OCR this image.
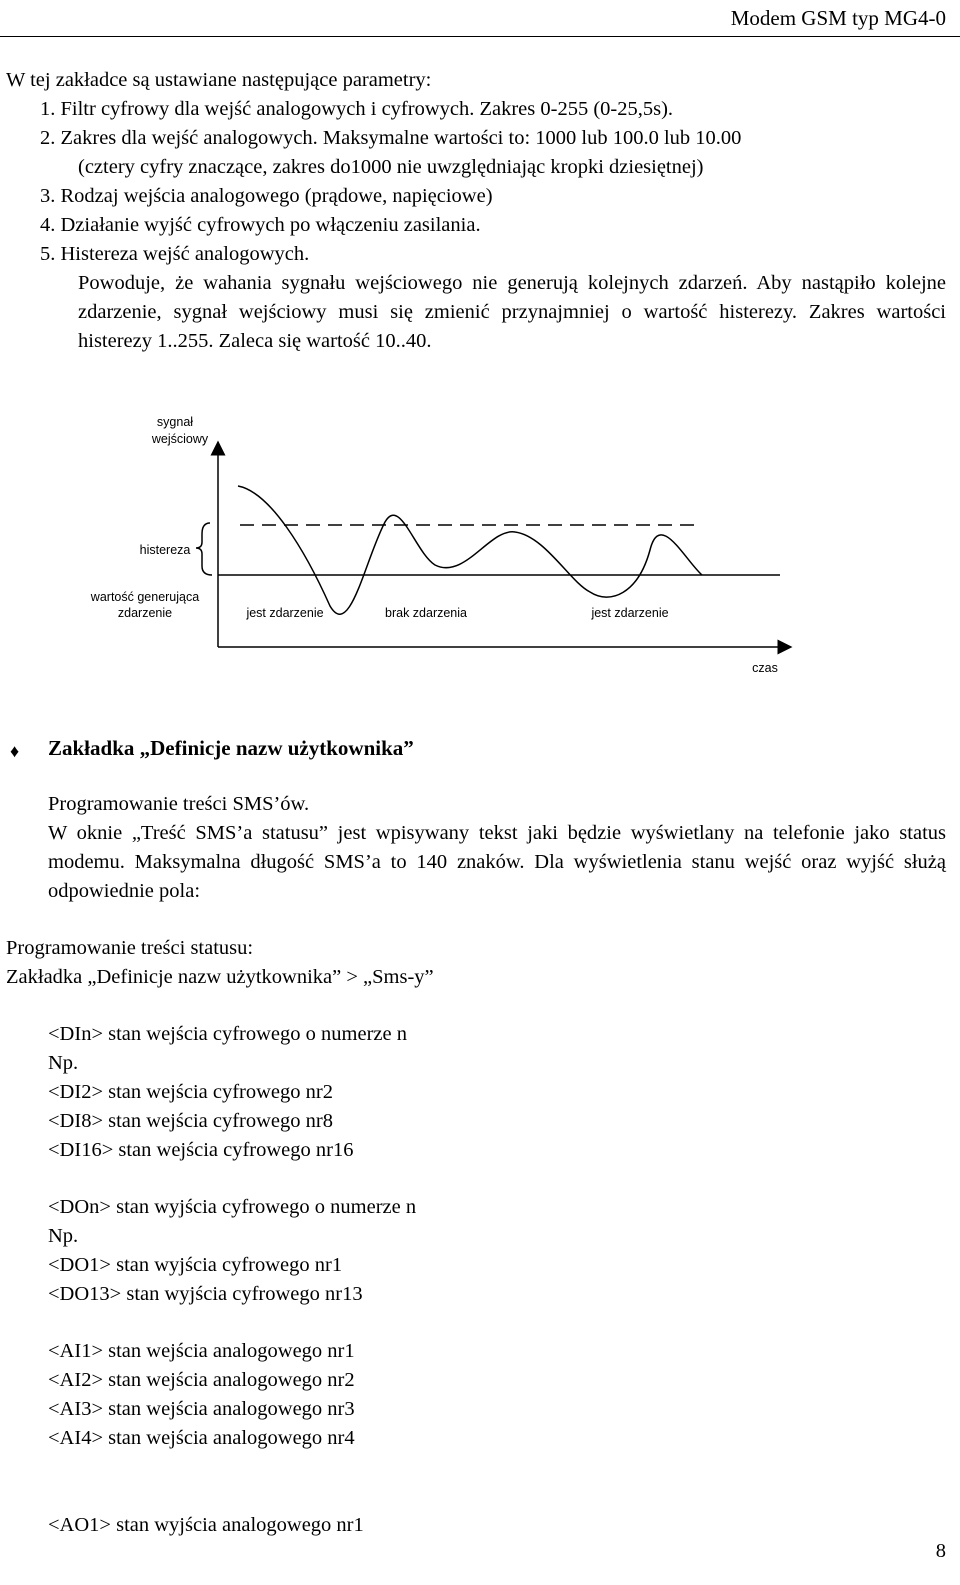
Modem GSM typ MG4-0
W tej zakładce są ustawiane następujące parametry:
1. Filtr cyfrowy dla wejść analogowych i cyfrowych. Zakres 0-255 (0-25,5s).
2. Zakres dla wejść analogowych. Maksymalne wartości to: 1000 lub 100.0 lub 10.00
(cztery cyfry znaczące, zakres do1000 nie uwzględniając kropki dziesiętnej)
3. Rodzaj wejścia analogowego (prądowe, napięciowe)
4. Działanie wyjść cyfrowych po włączeniu zasilania.
5. Histereza wejść analogowych.
Powoduje, że wahania sygnału wejściowego nie generują kolejnych zdarzeń. Aby nastąpiło kolejne zdarzenie, sygnał wejściowy musi się zmienić przynajmniej o wartość histerezy. Zakres wartości histerezy 1..255. Zaleca się wartość 10..40.
sygnał
wejściowy
histereza
wartość generująca
zdarzenie	jest zdarzenie	brak zdarzenia	jest zdarzenie
czas
♦ Zakładka „Definicje nazw użytkownika”
Programowanie treści SMS’ów.
W oknie „Treść SMS’a statusu” jest wpisywany tekst jaki będzie wyświetlany na telefonie jako status modemu. Maksymalna długość SMS’a to 140 znaków. Dla wyświetlenia stanu wejść oraz wyjść służą odpowiednie pola:
Programowanie treści statusu:
Zakładka „Definicje nazw użytkownika” > „Sms-y”
<DIn> stan wejścia cyfrowego o numerze n
Np.
<DI2> stan wejścia cyfrowego nr2
<DI8> stan wejścia cyfrowego nr8
<DI16> stan wejścia cyfrowego nr16
<DOn> stan wyjścia cyfrowego o numerze n
Np.
<DO1> stan wyjścia cyfrowego nr1
<DO13> stan wyjścia cyfrowego nr13
<AI1> stan wejścia analogowego nr1
<AI2> stan wejścia analogowego nr2
<AI3> stan wejścia analogowego nr3
<AI4> stan wejścia analogowego nr4
<AO1> stan wyjścia analogowego nr1
8
